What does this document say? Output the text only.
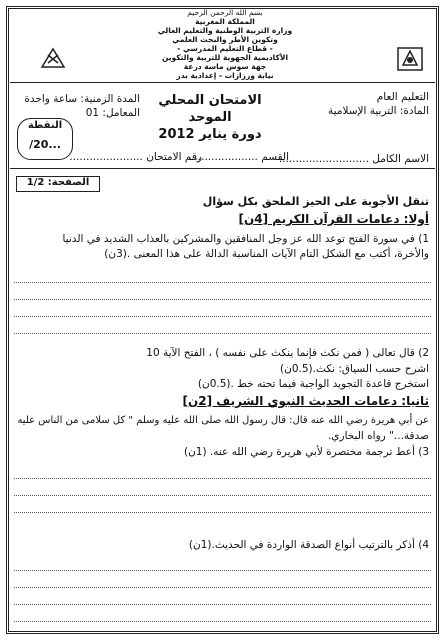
بسم الله الرحمن الرحيم
المملكة المغربية
وزارة التربية الوطنية والتعليم العالي
وتكوين الأطر والبحث العلمي
- قطاع التعليم المدرسي -
الأكاديمية الجهوية للتربية والتكوين
جهة سوس ماسة درعة
نيابة ورزازات - إعدادية بدر
التعليم العام
المادة: التربية الإسلامية
الامتحان المحلي الموحد
دورة يناير 2012
المدة الزمنية: ساعة واحدة
المعامل: 01
النقطة
/20...
الاسم الكامل ...........................
القسم .....................
رقم الامتحان ......................
الصفحة: 1/2
تنقل الأجوبة على الحيز الملحق بكل سؤال
أولا: دعامات القرآن الكريم [4ن]
1) في سورة الفتح توعد الله عز وجل المنافقين والمشركين بالعذاب الشديد في الدنيا
والأخرة، أكتب مع الشكل التام الآيات المناسبة الدالة على هذا المعنى .(3ن)
2) قال تعالى ( فمن نكث فإنما ينكث على نفسه ) ، الفتح الآية 10
اشرح حسب السياق: نكث.(0.5ن)
استخرج قاعدة التجويد الواجبة فيما تحته خط .(0.5ن)
ثانيا: دعامات الحديث النبوي الشريف [2ن]
عن أبي هريرة رضي الله عنه قال: قال رسول الله صلى الله عليه وسلم " كل سلامى من الناس عليه
صدقة..." رواه البخاري.
3) أعط ترجمة مختصرة لأبي هريرة رضي الله عنه. (1ن)
4) أذكر بالترتيب أنواع الصدقة الواردة في الحديث.(1ن)
